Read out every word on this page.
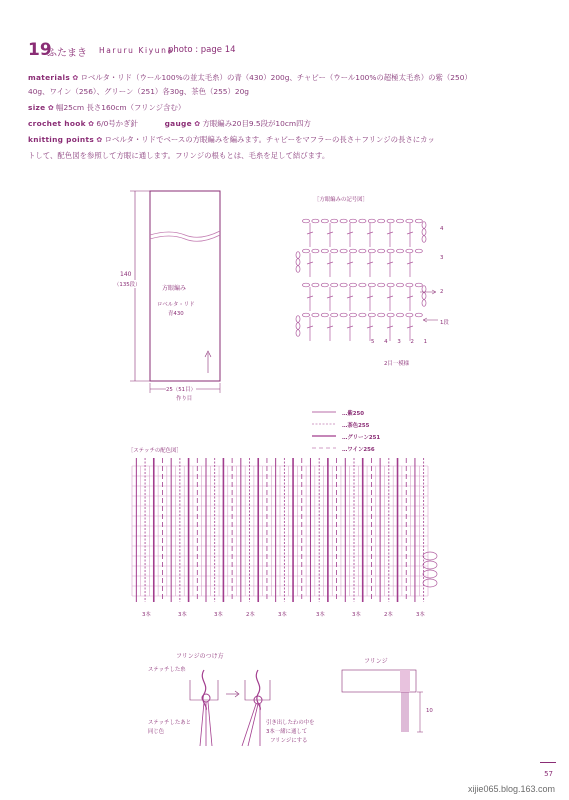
19
ふたまき Haruru Kiyuna
photo : page 14
materials ✿ ロベルタ・リド（ウール100%の並太毛糸）の青（430）200g、チャビー（ウール100%の超極太毛糸）の紫（250）
40g、ワイン（256）、グリーン（251）各30g、茶色（255）20g
size ✿ 幅25cm 長さ160cm（フリンジ含む）
crochet hook ✿ 6/0号かぎ針	gauge ✿ 方眼編み20目9.5段が10cm四方
knitting points ✿ ロベルタ・リドでベースの方眼編みを編みます。チャビーをマフラーの長さ＋フリンジの長さにカッ
トして、配色図を参照して方眼に通します。フリンジの根もとは、毛糸を足して結びます。
140
（135段）	方眼編み
ロベルタ・リド
青430
25（51目）
作り目
［方眼編みの記号図］
4
3
2
1段
5 4 3 2 1
2目一模様
…紫250
…茶色255
…グリーン251
…ワイン256
［ステッチの配色図］
3本	3本	3本	2本	3本	3本	3本	2本	3本
フリンジのつけ方
ステッチした糸
ステッチしたあと
同じ色
引き出したわの中を
3本一緒に通して
フリンジにする
フリンジ
10
57
xijie065.blog.163.com
